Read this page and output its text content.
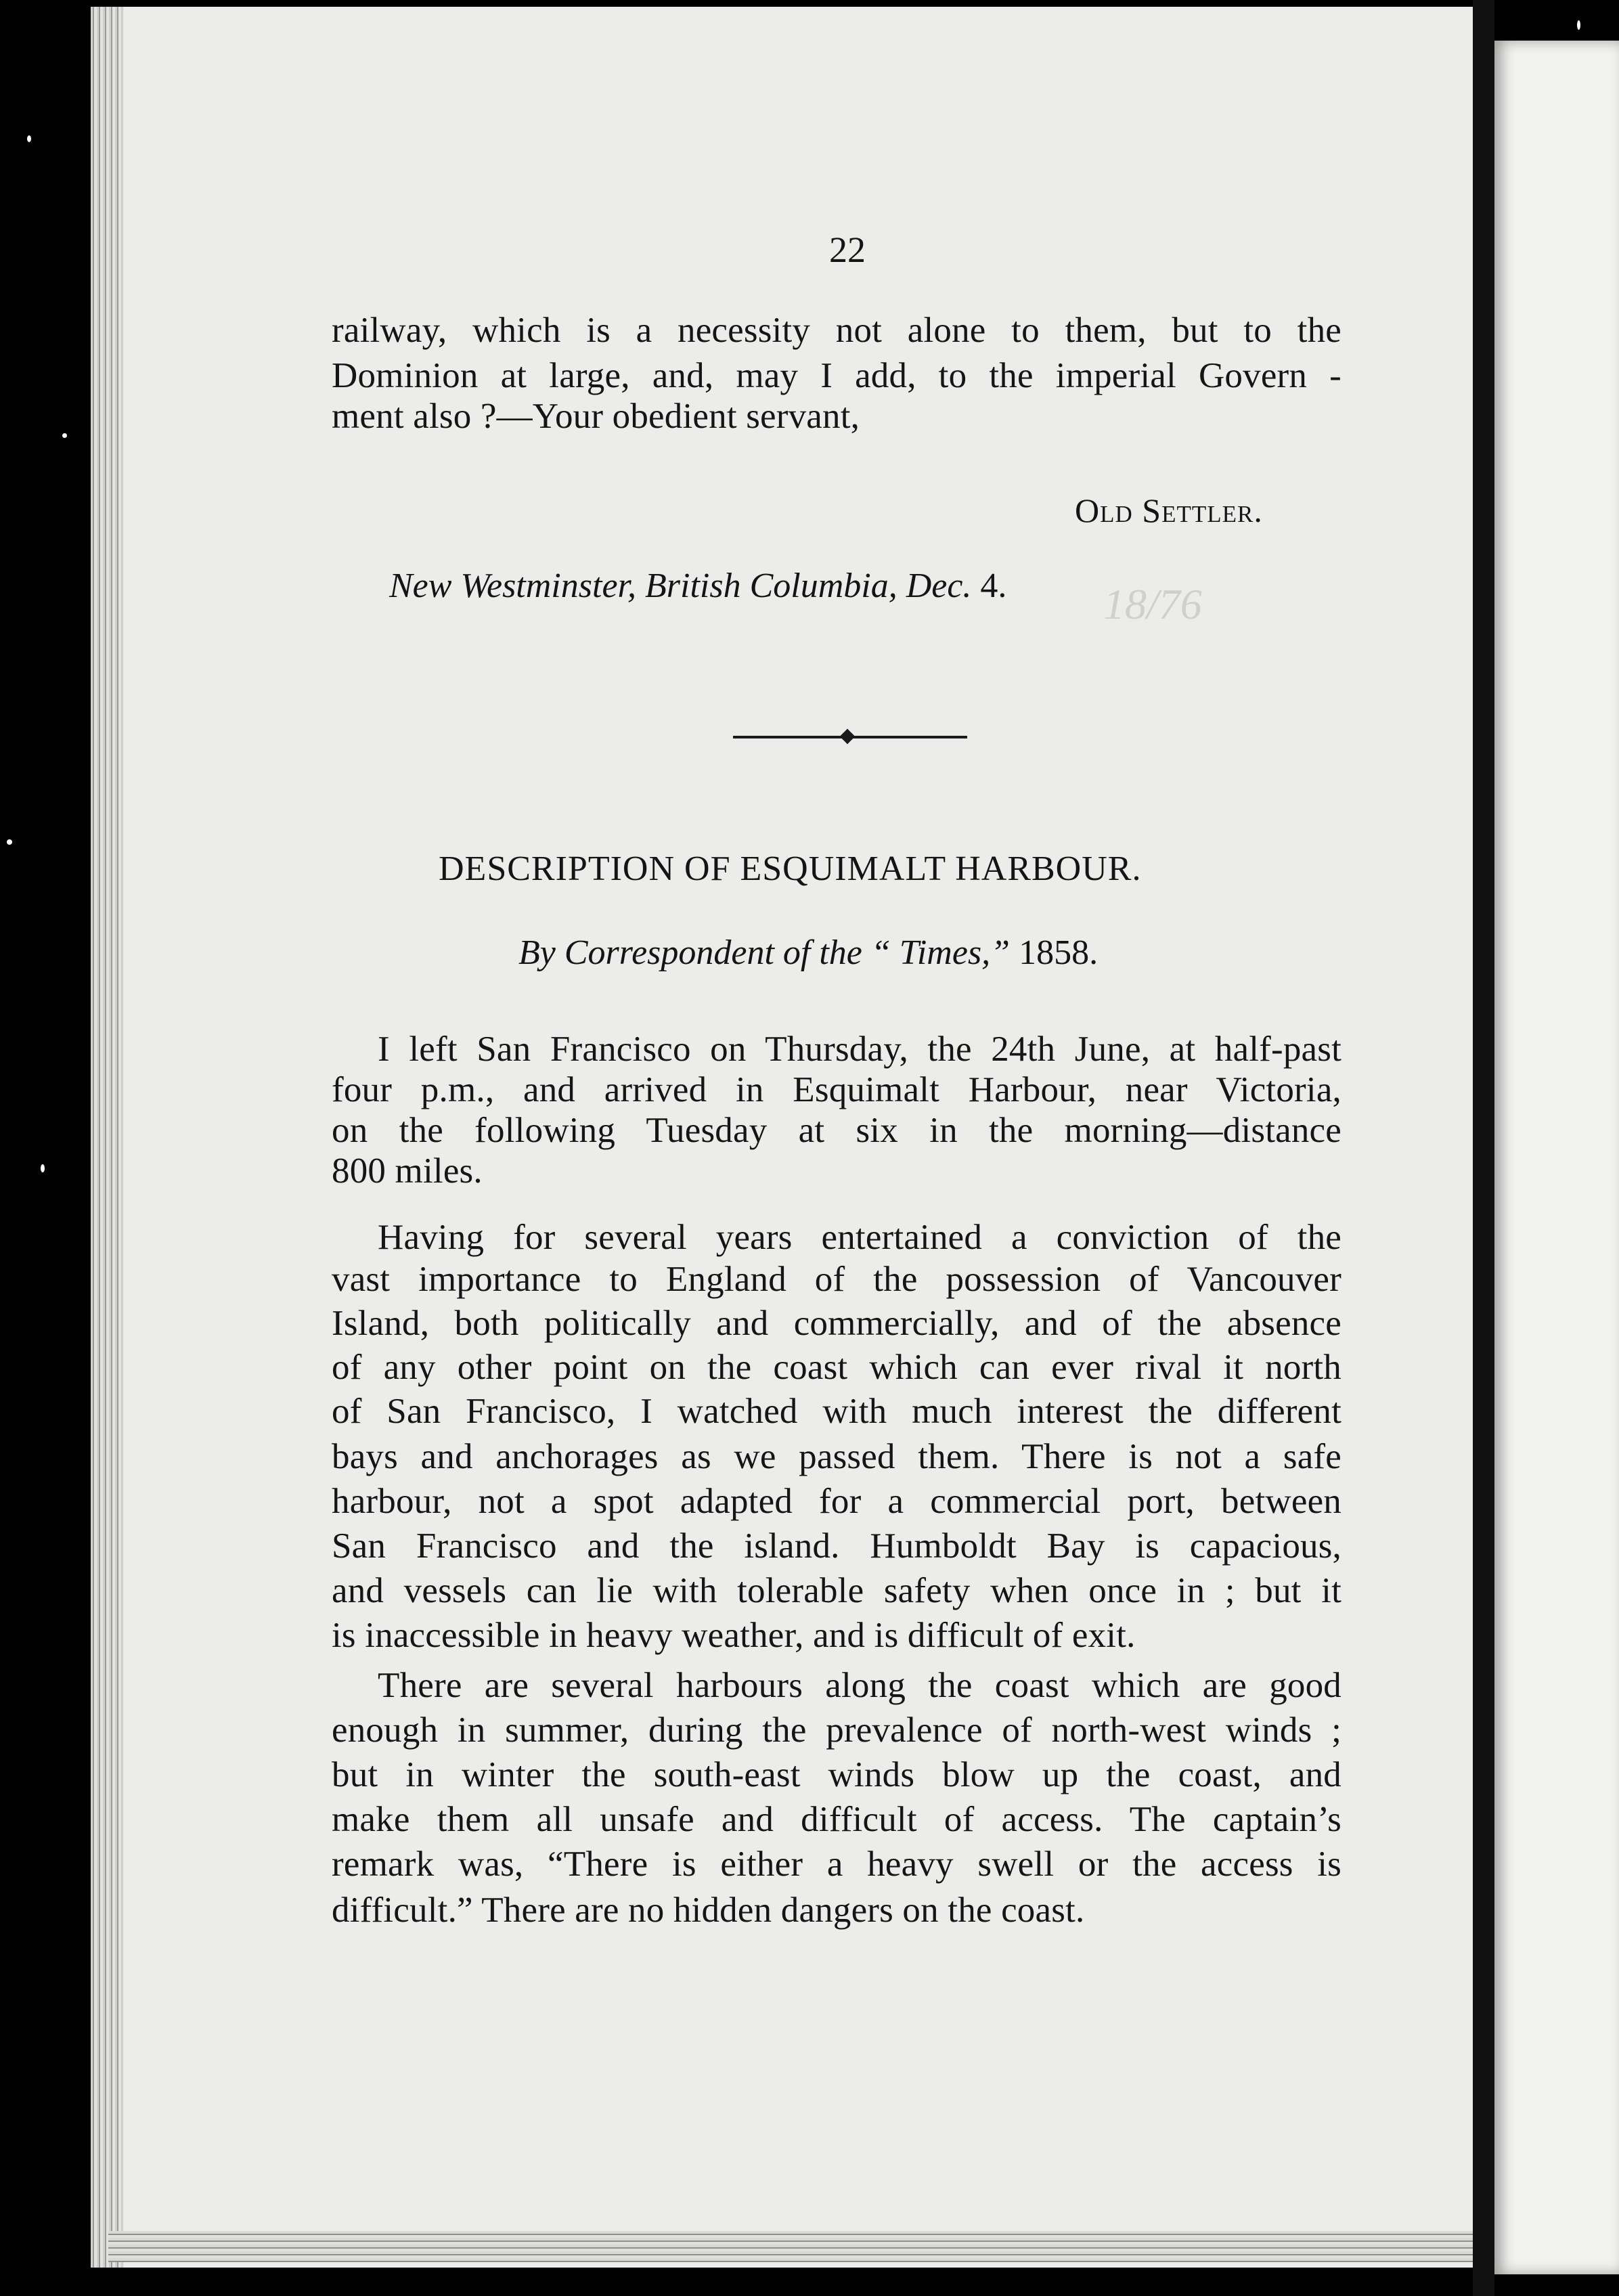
22
railway, which is a necessity not alone to them, but to the
Dominion at large, and, may I add, to the imperial Govern -
ment also ?—Your obedient servant,
Old Settler.
New Westminster, British Columbia, Dec. 4. 18/76
DESCRIPTION OF ESQUIMALT HARBOUR.
By Correspondent of the “ Times,” 1858.
I left San Francisco on Thursday, the 24th June, at half-past
four p.m., and arrived in Esquimalt Harbour, near Victoria,
on the following Tuesday at six in the morning—distance
800 miles.
Having for several years entertained a conviction of the
vast importance to England of the possession of Vancouver
Island, both politically and commercially, and of the absence
of any other point on the coast which can ever rival it north
of San Francisco, I watched with much interest the different
bays and anchorages as we passed them. There is not a safe
harbour, not a spot adapted for a commercial port, between
San Francisco and the island. Humboldt Bay is capacious,
and vessels can lie with tolerable safety when once in ; but it
is inaccessible in heavy weather, and is difficult of exit.
There are several harbours along the coast which are good
enough in summer, during the prevalence of north-west winds ;
but in winter the south-east winds blow up the coast, and
make them all unsafe and difficult of access. The captain’s
remark was, “There is either a heavy swell or the access is
difficult.” There are no hidden dangers on the coast.
